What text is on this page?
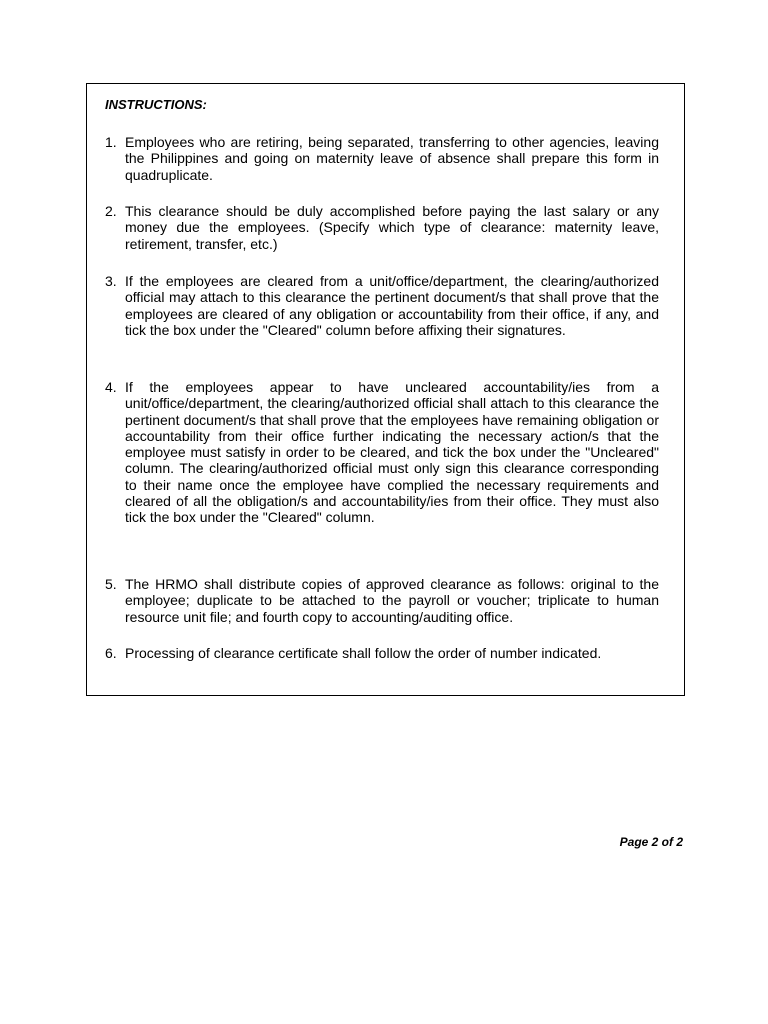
INSTRUCTIONS:

1. Employees who are retiring, being separated, transferring to other agencies, leaving the Philippines and going on maternity leave of absence shall prepare this form in quadruplicate.
2. This clearance should be duly accomplished before paying the last salary or any money due the employees. (Specify which type of clearance: maternity leave, retirement, transfer, etc.)
3. If the employees are cleared from a unit/office/department, the clearing/authorized official may attach to this clearance the pertinent document/s that shall prove that the employees are cleared of any obligation or accountability from their office, if any, and tick the box under the "Cleared" column before affixing their signatures.
4. If the employees appear to have uncleared accountability/ies from a unit/office/department, the clearing/authorized official shall attach to this clearance the pertinent document/s that shall prove that the employees have remaining obligation or accountability from their office further indicating the necessary action/s that the employee must satisfy in order to be cleared, and tick the box under the "Uncleared" column. The clearing/authorized official must only sign this clearance corresponding to their name once the employee have complied the necessary requirements and cleared of all the obligation/s and accountability/ies from their office. They must also tick the box under the "Cleared" column.
5. The HRMO shall distribute copies of approved clearance as follows: original to the employee; duplicate to be attached to the payroll or voucher; triplicate to human resource unit file; and fourth copy to accounting/auditing office.
6. Processing of clearance certificate shall follow the order of number indicated.
Page 2 of 2
